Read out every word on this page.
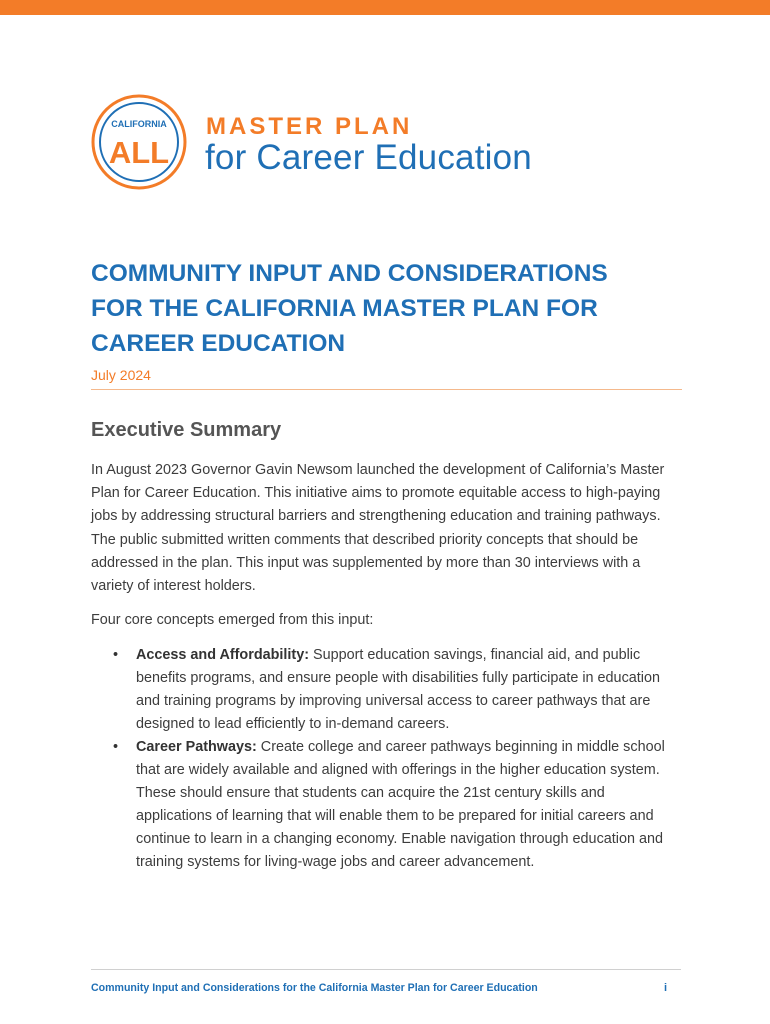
CALIFORNIA
ALL
MASTER PLAN
for Career Education
COMMUNITY INPUT AND CONSIDERATIONS
FOR THE CALIFORNIA MASTER PLAN FOR
CAREER EDUCATION
July 2024
Executive Summary

In August 2023 Governor Gavin Newsom launched the development of California’s Master Plan for Career Education. This initiative aims to promote equitable access to high-paying jobs by addressing structural barriers and strengthening education and training pathways. The public submitted written comments that described priority concepts that should be addressed in the plan. This input was supplemented by more than 30 interviews with a variety of interest holders.

Four core concepts emerged from this input:

• Access and Affordability: Support education savings, financial aid, and public benefits programs, and ensure people with disabilities fully participate in education and training programs by improving universal access to career pathways that are designed to lead efficiently to in-demand careers.
• Career Pathways: Create college and career pathways beginning in middle school that are widely available and aligned with offerings in the higher education system. These should ensure that students can acquire the 21st century skills and applications of learning that will enable them to be prepared for initial careers and continue to learn in a changing economy. Enable navigation through education and training systems for living-wage jobs and career advancement.
Community Input and Considerations for the California Master Plan for Career Education	i
